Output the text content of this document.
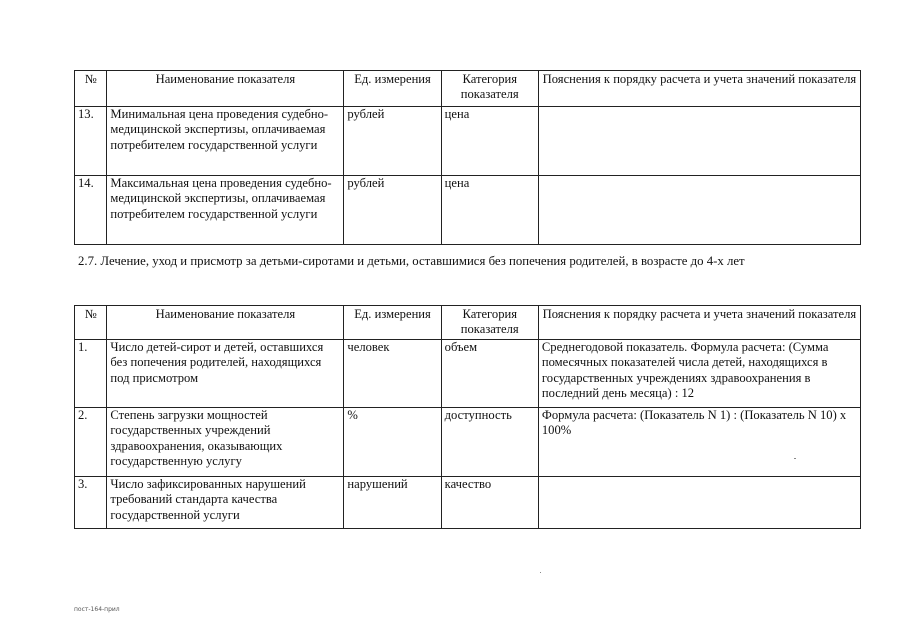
№	Наименование показателя	Ед. измерения	Категория показателя	Пояснения к порядку расчета и учета значений показателя
13.	Минимальная цена проведения судебно-медицинской экспертизы, оплачиваемая потребителем государственной услуги	рублей	цена	
14.	Максимальная цена проведения судебно-медицинской экспертизы, оплачиваемая потребителем государственной услуги	рублей	цена	
2.7. Лечение, уход и присмотр за детьми-сиротами и детьми, оставшимися без попечения родителей, в возрасте до 4-х лет
№	Наименование показателя	Ед. измерения	Категория показателя	Пояснения к порядку расчета и учета значений показателя
1.	Число детей-сирот и детей, оставшихся без попечения родителей, находящихся под присмотром	человек	объем	Среднегодовой показатель. Формула расчета: (Сумма помесячных показателей числа детей, находящихся в государственных учреждениях здравоохранения в последний день месяца) : 12
2.	Степень загрузки мощностей государственных учреждений здравоохранения, оказывающих государственную услугу	%	доступность	Формула расчета: (Показатель N 1) : (Показатель N 10) х 100%
3.	Число зафиксированных нарушений требований стандарта качества государственной услуги	нарушений	качество	
пост-164-прил
